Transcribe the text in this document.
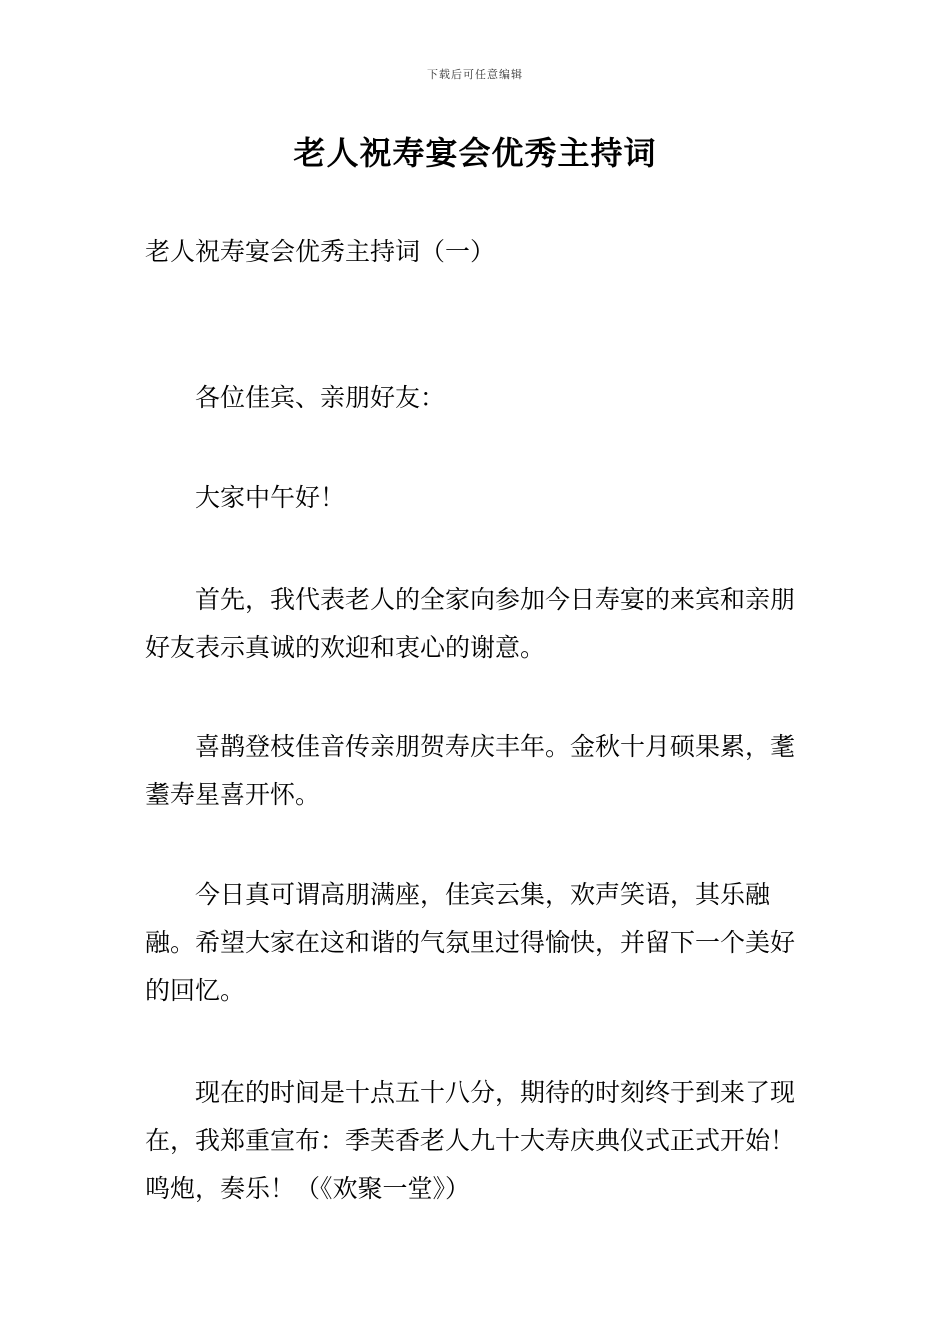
下载后可任意编辑
老人祝寿宴会优秀主持词

老人祝寿宴会优秀主持词（一）

各位佳宾、亲朋好友：

大家中午好！

首先，我代表老人的全家向参加今日寿宴的来宾和亲朋好友表示真诚的欢迎和衷心的谢意。

喜鹊登枝佳音传亲朋贺寿庆丰年。金秋十月硕果累，耄耋寿星喜开怀。

今日真可谓高朋满座，佳宾云集，欢声笑语，其乐融融。希望大家在这和谐的气氛里过得愉快，并留下一个美好的回忆。

现在的时间是十点五十八分，期待的时刻终于到来了现在，我郑重宣布：季芙香老人九十大寿庆典仪式正式开始！鸣炮，奏乐！（《欢聚一堂》）
